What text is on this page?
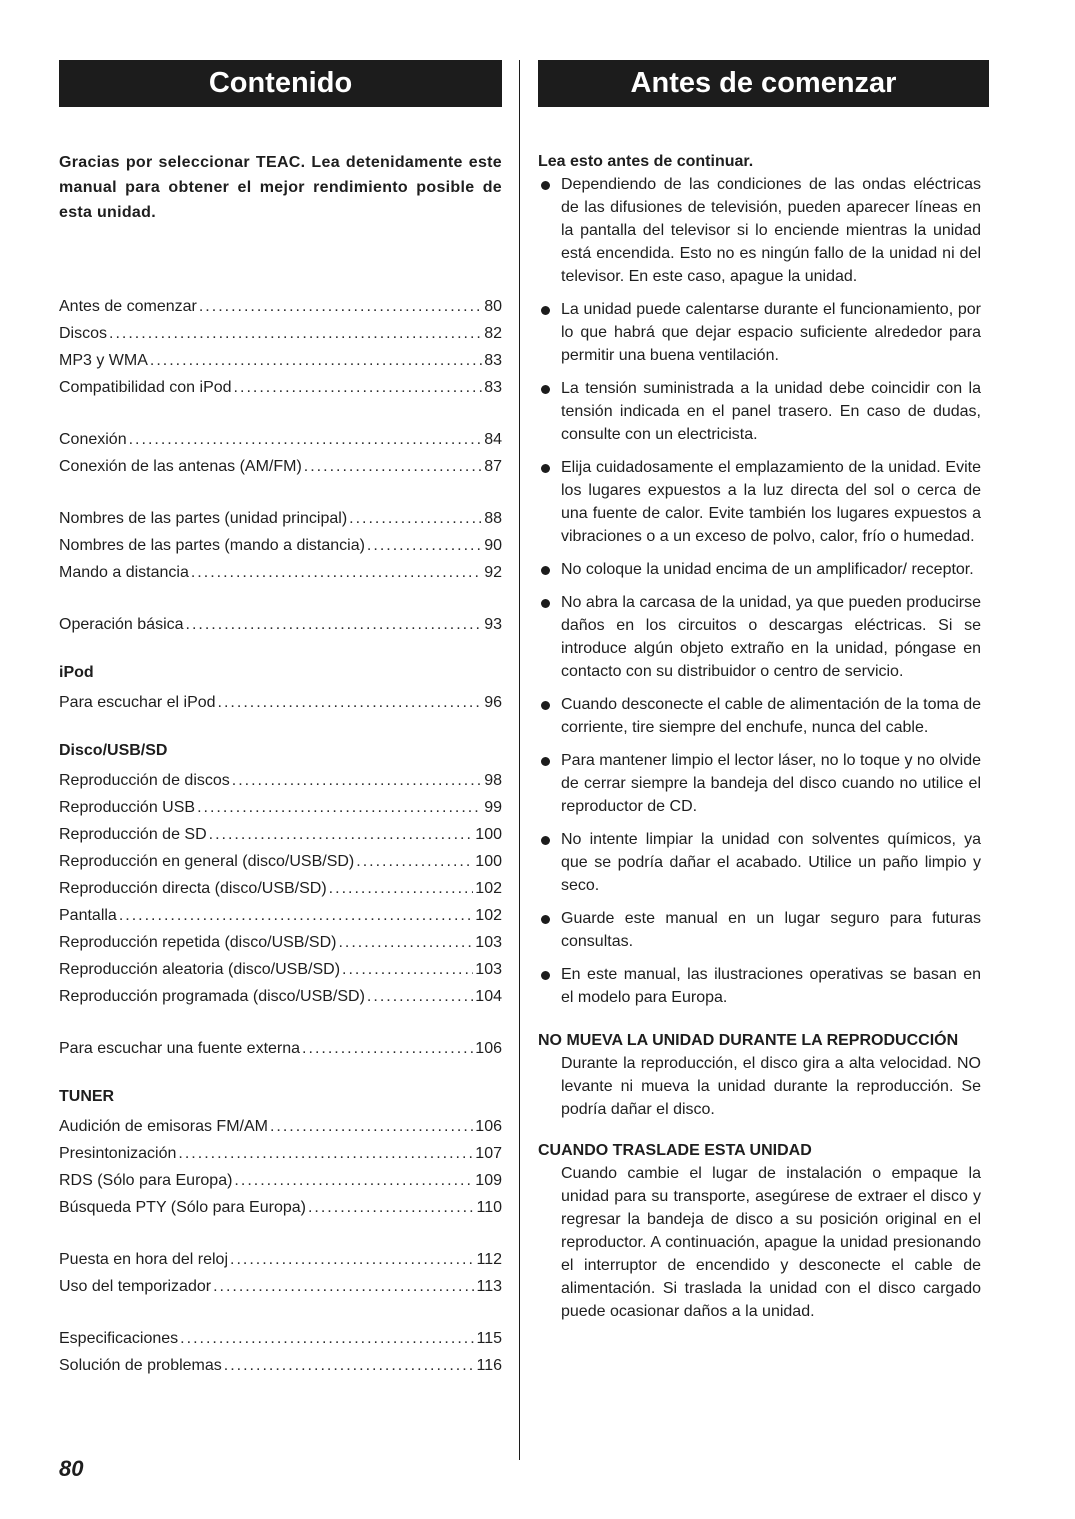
Contenido	Antes de comenzar

Gracias por seleccionar TEAC. Lea detenidamente este manual para obtener el mejor rendimiento posible de esta unidad.

Antes de comenzar .....	80
Discos .....	82
MP3 y WMA .....	83
Compatibilidad con iPod .....	83
Conexión .....	84
Conexión de las antenas (AM/FM) .....	87
Nombres de las partes (unidad principal) .....	88
Nombres de las partes (mando a distancia) .....	90
Mando a distancia .....	92
Operación básica .....	93
iPod
Para escuchar el iPod .....	96
Disco/USB/SD
Reproducción de discos .....	98
Reproducción USB .....	99
Reproducción de SD .....	100
Reproducción en general (disco/USB/SD) .....	100
Reproducción directa (disco/USB/SD) .....	102
Pantalla .....	102
Reproducción repetida (disco/USB/SD) .....	103
Reproducción aleatoria (disco/USB/SD) .....	103
Reproducción programada (disco/USB/SD) .....	104
Para escuchar una fuente externa .....	106
TUNER
Audición de emisoras FM/AM .....	106
Presintonización .....	107
RDS (Sólo para Europa) .....	109
Búsqueda PTY (Sólo para Europa) .....	110
Puesta en hora del reloj .....	112
Uso del temporizador .....	113
Especificaciones .....	115
Solución de problemas .....	116

Lea esto antes de continuar.

Dependiendo de las condiciones de las ondas eléctricas de las difusiones de televisión, pueden aparecer líneas en la pantalla del televisor si lo enciende mientras la unidad está encendida. Esto no es ningún fallo de la unidad ni del televisor. En este caso, apague la unidad.
La unidad puede calentarse durante el funcionamiento, por lo que habrá que dejar espacio suficiente alrededor para permitir una buena ventilación.
La tensión suministrada a la unidad debe coincidir con la tensión indicada en el panel trasero. En caso de dudas, consulte con un electricista.
Elija cuidadosamente el emplazamiento de la unidad. Evite los lugares expuestos a la luz directa del sol o cerca de una fuente de calor. Evite también los lugares expuestos a vibraciones o a un exceso de polvo, calor, frío o humedad.
No coloque la unidad encima de un amplificador/ receptor.
No abra la carcasa de la unidad, ya que pueden producirse daños en los circuitos o descargas eléctricas. Si se introduce algún objeto extraño en la unidad, póngase en contacto con su distribuidor o centro de servicio.
Cuando desconecte el cable de alimentación de la toma de corriente, tire siempre del enchufe, nunca del cable.
Para mantener limpio el lector láser, no lo toque y no olvide de cerrar siempre la bandeja del disco cuando no utilice el reproductor de CD.
No intente limpiar la unidad con solventes químicos, ya que se podría dañar el acabado. Utilice un paño limpio y seco.
Guarde este manual en un lugar seguro para futuras consultas.
En este manual, las ilustraciones operativas se basan en el modelo para Europa.

NO MUEVA LA UNIDAD DURANTE LA REPRODUCCIÓN

Durante la reproducción, el disco gira a alta velocidad. NO levante ni mueva la unidad durante la reproducción. Se podría dañar el disco.

CUANDO TRASLADE ESTA UNIDAD

Cuando cambie el lugar de instalación o empaque la unidad para su transporte, asegúrese de extraer el disco y regresar la bandeja de disco a su posición original en el reproductor. A continuación, apague la unidad presionando el interruptor de encendido y desconecte el cable de alimentación. Si traslada la unidad con el disco cargado puede ocasionar daños a la unidad.

80
